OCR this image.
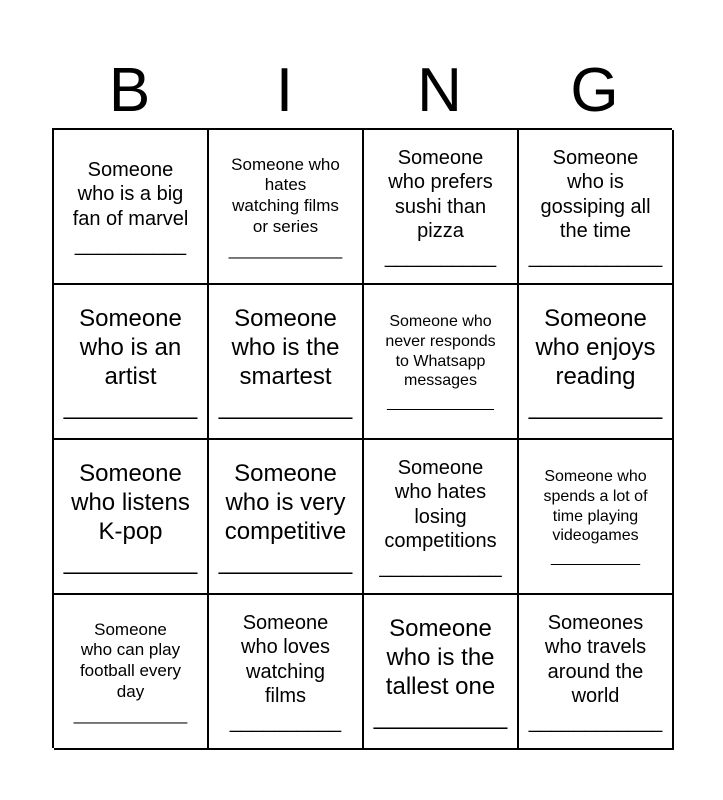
B	I	N	G
Someone
who is a big
fan of marvel
__________
Someone who
hates
watching films
or series
____________
Someone
who prefers
sushi than
pizza
__________
Someone
who is
gossiping all
the time
____________
Someone
who is an
artist
__________
Someone
who is the
smartest
__________
Someone who
never responds
to Whatsapp
messages
____________
Someone
who enjoys
reading
__________
Someone
who listens
K-pop
__________
Someone
who is very
competitive
__________
Someone
who hates
losing
competitions
___________
Someone who
spends a lot of
time playing
videogames
__________
Someone
who can play
football every
day
____________
Someone
who loves
watching
films
__________
Someone
who is the
tallest one
__________
Someones
who travels
around the
world
____________
